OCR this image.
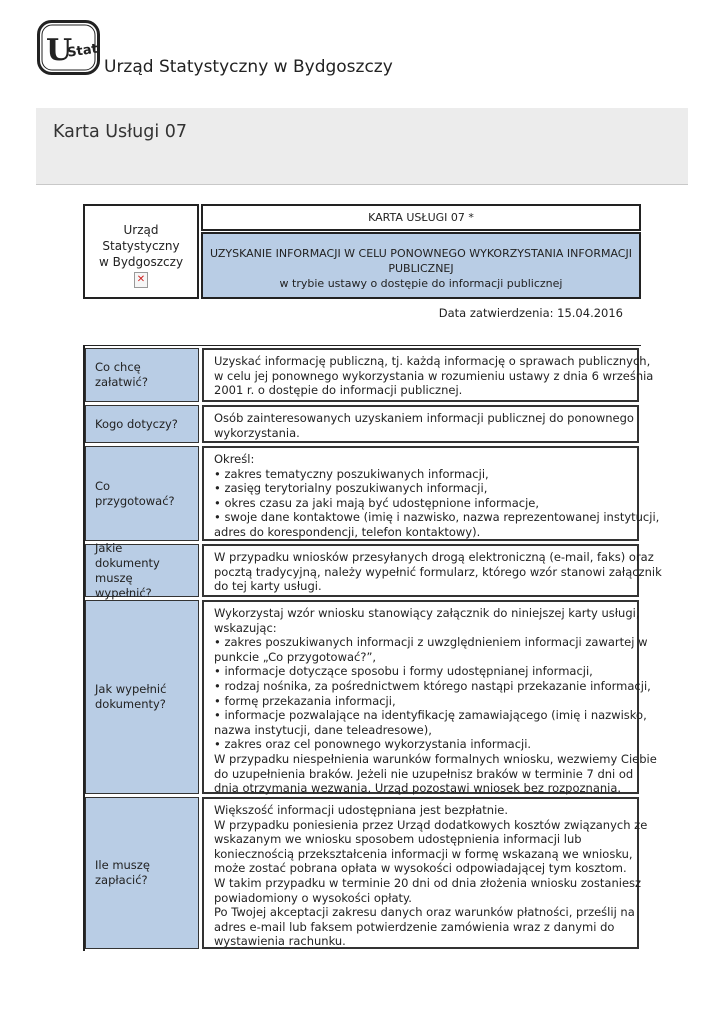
U
Stat
Urząd Statystyczny w Bydgoszczy
Karta Usługi 07
Urząd
Statystyczny
w Bydgoszczy
✕
KARTA USŁUGI 07 *
UZYSKANIE INFORMACJI W CELU PONOWNEGO WYKORZYSTANIA INFORMACJI
PUBLICZNEJ
w trybie ustawy o dostępie do informacji publicznej
Data zatwierdzenia: 15.04.2016
Co chcę załatwić?
Uzyskać informację publiczną, tj. każdą informację o sprawach publicznych,
w celu jej ponownego wykorzystania w rozumieniu ustawy z dnia 6 września
2001 r. o dostępie do informacji publicznej.
Kogo dotyczy?	Osób zainteresowanych uzyskaniem informacji publicznej do ponownego
wykorzystania.
Co przygotować?
Określ:
• zakres tematyczny poszukiwanych informacji,
• zasięg terytorialny poszukiwanych informacji,
• okres czasu za jaki mają być udostępnione informacje,
• swoje dane kontaktowe (imię i nazwisko, nazwa reprezentowanej instytucji,
adres do korespondencji, telefon kontaktowy).
Jakie dokumenty muszę wypełnić?
W przypadku wniosków przesyłanych drogą elektroniczną (e-mail, faks) oraz
pocztą tradycyjną, należy wypełnić formularz, którego wzór stanowi załącznik
do tej karty usługi.
Jak wypełnić dokumenty?
Wykorzystaj wzór wniosku stanowiący załącznik do niniejszej karty usługi,
wskazując:
• zakres poszukiwanych informacji z uwzględnieniem informacji zawartej w
punkcie „Co przygotować?”,
• informacje dotyczące sposobu i formy udostępnianej informacji,
• rodzaj nośnika, za pośrednictwem którego nastąpi przekazanie informacji,
• formę przekazania informacji,
• informacje pozwalające na identyfikację zamawiającego (imię i nazwisko,
nazwa instytucji, dane teleadresowe),
• zakres oraz cel ponownego wykorzystania informacji.
W przypadku niespełnienia warunków formalnych wniosku, wezwiemy Ciebie
do uzupełnienia braków. Jeżeli nie uzupełnisz braków w terminie 7 dni od
dnia otrzymania wezwania, Urząd pozostawi wniosek bez rozpoznania.
Ile muszę zapłacić?
Większość informacji udostępniana jest bezpłatnie.
W przypadku poniesienia przez Urząd dodatkowych kosztów związanych ze
wskazanym we wniosku sposobem udostępnienia informacji lub
koniecznością przekształcenia informacji w formę wskazaną we wniosku,
może zostać pobrana opłata w wysokości odpowiadającej tym kosztom.
W takim przypadku w terminie 20 dni od dnia złożenia wniosku zostaniesz
powiadomiony o wysokości opłaty.
Po Twojej akceptacji zakresu danych oraz warunków płatności, prześlij na
adres e-mail lub faksem potwierdzenie zamówienia wraz z danymi do
wystawienia rachunku.
